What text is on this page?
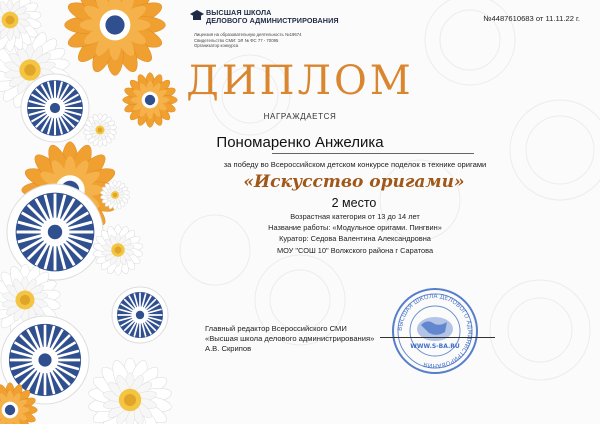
ВЫСШАЯ ШКОЛА
ДЕЛОВОГО АДМИНИСТРИРОВАНИЯ
Лицензия на образовательную деятельность №19674
Свидетельство СМИ: ЭЛ № ФС 77 - 70095
Организатор конкурса
№4487610683 от 11.11.22 г.
ДИПЛОМ
НАГРАЖДАЕТСЯ
Пономаренко Анжелика
за победу во Всероссийском детском конкурсе поделок в технике оригами
«Искусство оригами»
2 место
Возрастная категория от 13 до 14 лет
Название работы: «Модульное оригами. Пингвин»
Куратор: Седова Валентина Александровна
МОУ "СОШ 10" Волжского района г Саратова
ВЫСШАЯ ШКОЛА ДЕЛОВОГО АДМ НИСТРИРОВАНИЯ
WWW.S-BA.RU
Главный редактор Всероссийского СМИ
«Высшая школа делового администрирования»
А.В. Скрипов
